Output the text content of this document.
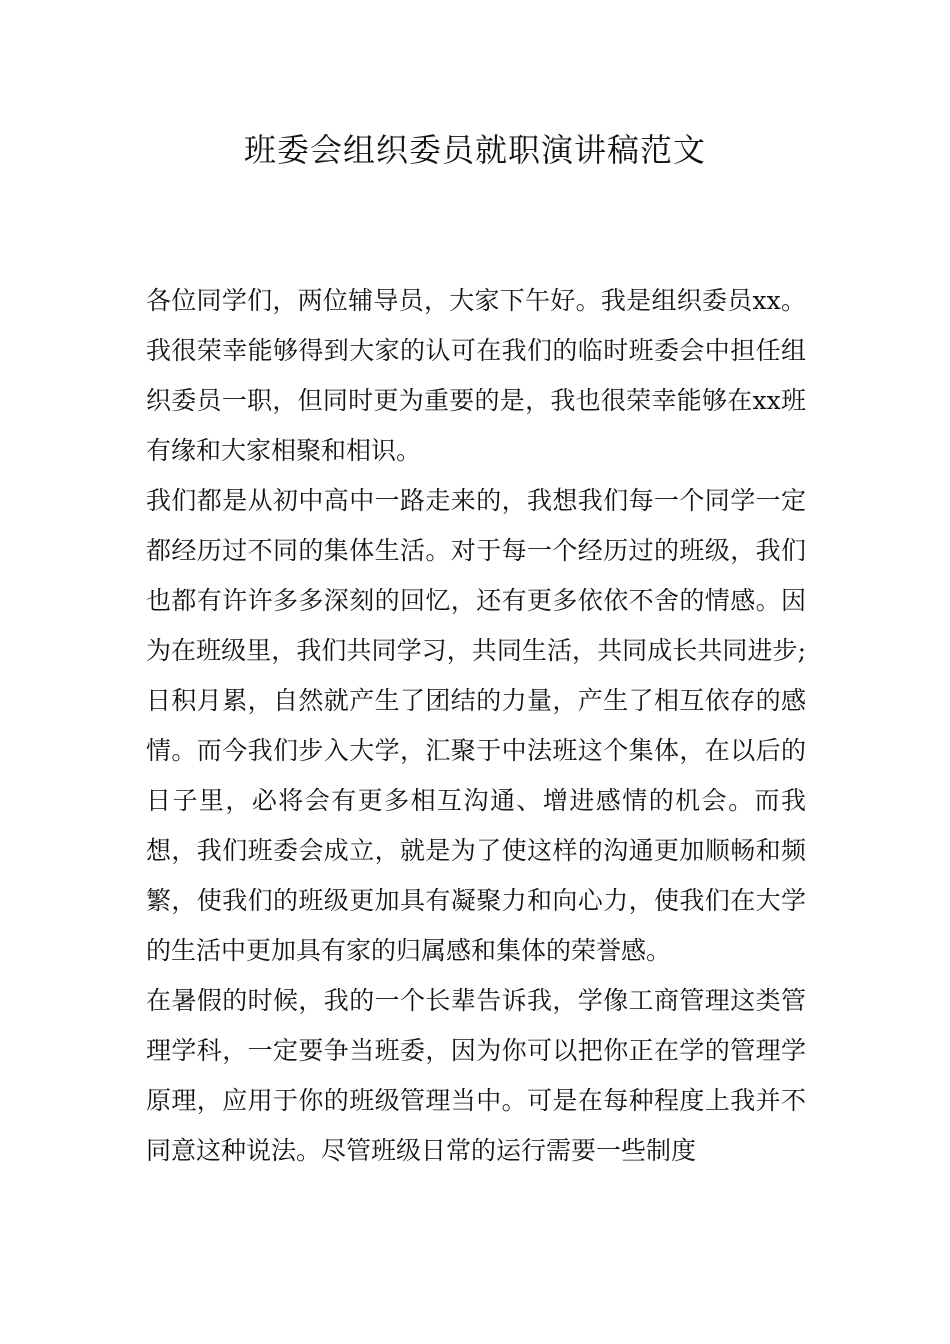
班委会组织委员就职演讲稿范文

各位同学们，两位辅导员，大家下午好。我是组织委员xx。我很荣幸能够得到大家的认可在我们的临时班委会中担任组织委员一职，但同时更为重要的是，我也很荣幸能够在xx班有缘和大家相聚和相识。

我们都是从初中高中一路走来的，我想我们每一个同学一定都经历过不同的集体生活。对于每一个经历过的班级，我们也都有许许多多深刻的回忆，还有更多依依不舍的情感。因为在班级里，我们共同学习，共同生活，共同成长共同进步;日积月累，自然就产生了团结的力量，产生了相互依存的感情。而今我们步入大学，汇聚于中法班这个集体，在以后的日子里，必将会有更多相互沟通、增进感情的机会。而我想，我们班委会成立，就是为了使这样的沟通更加顺畅和频繁，使我们的班级更加具有凝聚力和向心力，使我们在大学的生活中更加具有家的归属感和集体的荣誉感。

在暑假的时候，我的一个长辈告诉我，学像工商管理这类管理学科，一定要争当班委，因为你可以把你正在学的管理学原理，应用于你的班级管理当中。可是在每种程度上我并不同意这种说法。尽管班级日常的运行需要一些制度
